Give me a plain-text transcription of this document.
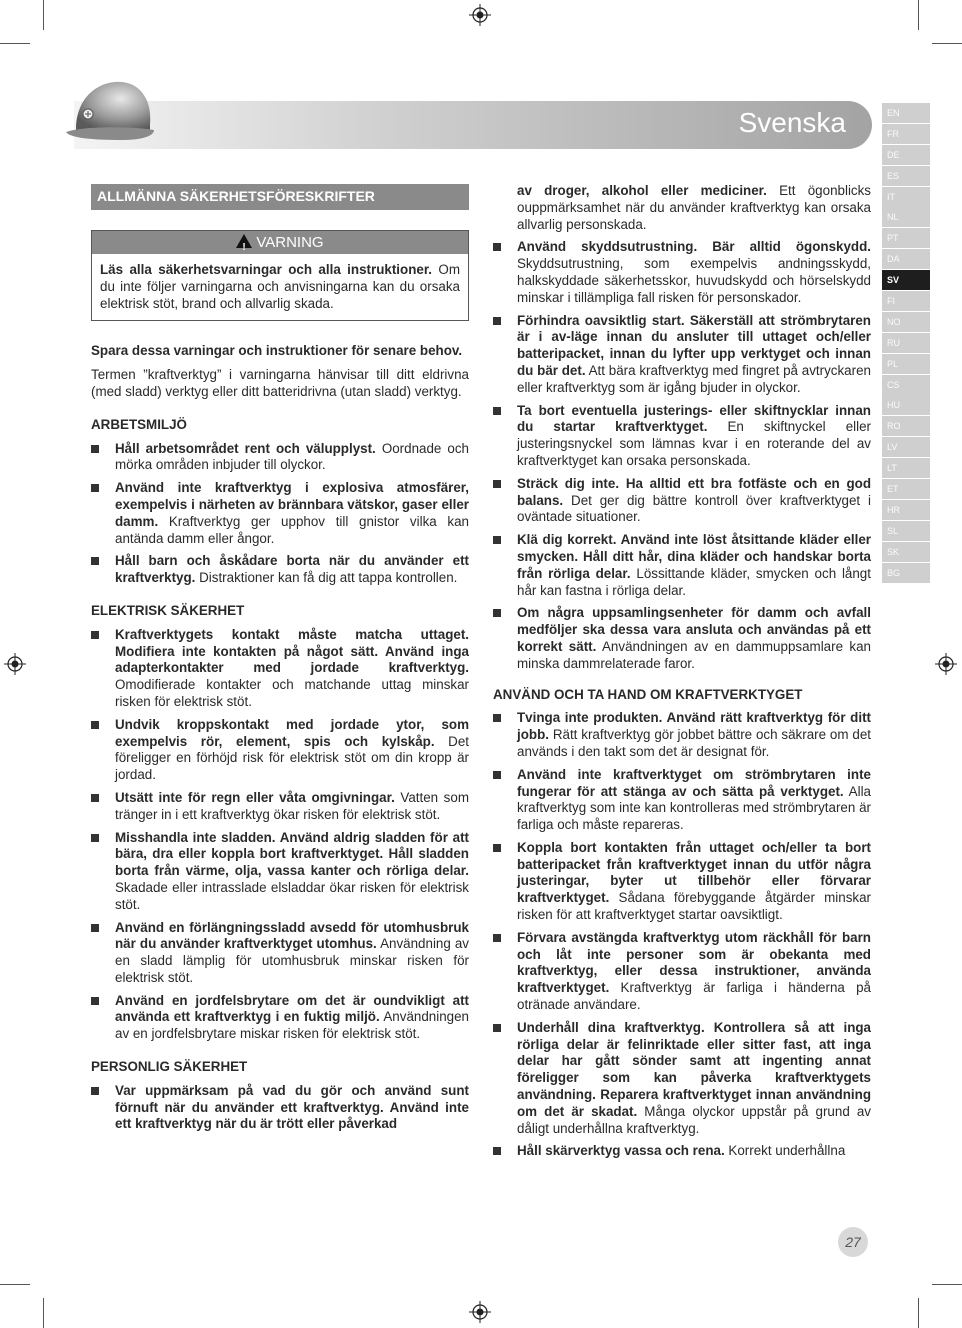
Svenska	EN
FR
DE
ES
IT
NL
PT
DA
SV
FI
NO
RU
PL
CS
HU
RO
LV
LT
ET
HR
SL
SK
BG
ALLMÄNNA SÄKERHETSFÖRESKRIFTER
!VARNING
Läs alla säkerhetsvarningar och alla instruktioner. Om du inte följer varningarna och anvisningarna kan du orsaka elektrisk stöt, brand och allvarlig skada.

Spara dessa varningar och instruktioner för senare behov.

Termen ”kraftverktyg” i varningarna hänvisar till ditt eldrivna (med sladd) verktyg eller ditt batteridrivna (utan sladd) verktyg.

ARBETSMILJÖ
Håll arbetsområdet rent och välupplyst. Oordnade och mörka områden inbjuder till olyckor.
Använd inte kraftverktyg i explosiva atmosfärer, exempelvis i närheten av brännbara vätskor, gaser eller damm. Kraftverktyg ger upphov till gnistor vilka kan antända damm eller ångor.
Håll barn och åskådare borta när du använder ett kraftverktyg. Distraktioner kan få dig att tappa kontrollen.
ELEKTRISK SÄKERHET
Kraftverktygets kontakt måste matcha uttaget. Modifiera inte kontakten på något sätt. Använd inga adapterkontakter med jordade kraftverktyg. Omodifierade kontakter och matchande uttag minskar risken för elektrisk stöt.
Undvik kroppskontakt med jordade ytor, som exempelvis rör, element, spis och kylskåp. Det föreligger en förhöjd risk för elektrisk stöt om din kropp är jordad.
Utsätt inte för regn eller våta omgivningar. Vatten som tränger in i ett kraftverktyg ökar risken för elektrisk stöt.
Misshandla inte sladden. Använd aldrig sladden för att bära, dra eller koppla bort kraftverktyget. Håll sladden borta från värme, olja, vassa kanter och rörliga delar. Skadade eller intrasslade elsladdar ökar risken för elektrisk stöt.
Använd en förlängningssladd avsedd för utomhusbruk när du använder kraftverktyget utomhus. Användning av en sladd lämplig för utomhusbruk minskar risken för elektrisk stöt.
Använd en jordfelsbrytare om det är oundvikligt att använda ett kraftverktyg i en fuktig miljö. Användningen av en jordfelsbrytare miskar risken för elektrisk stöt.
PERSONLIG SÄKERHET
Var uppmärksam på vad du gör och använd sunt förnuft när du använder ett kraftverktyg. Använd inte ett kraftverktyg när du är trött eller påverkad
av droger, alkohol eller mediciner. Ett ögonblicks ouppmärksamhet när du använder kraftverktyg kan orsaka allvarlig personskada.
Använd skyddsutrustning. Bär alltid ögonskydd. Skyddsutrustning, som exempelvis andningsskydd, halkskyddade säkerhetsskor, huvudskydd och hörselskydd minskar i tillämpliga fall risken för personskador.
Förhindra oavsiktlig start. Säkerställ att strömbrytaren är i av-läge innan du ansluter till uttaget och/eller batteripacket, innan du lyfter upp verktyget och innan du bär det. Att bära kraftverktyg med fingret på avtryckaren eller kraftverktyg som är igång bjuder in olyckor.
Ta bort eventuella justerings- eller skiftnycklar innan du startar kraftverktyget. En skiftnyckel eller justeringsnyckel som lämnas kvar i en roterande del av kraftverktyget kan orsaka personskada.
Sträck dig inte. Ha alltid ett bra fotfäste och en god balans. Det ger dig bättre kontroll över kraftverktyget i oväntade situationer.
Klä dig korrekt. Använd inte löst åtsittande kläder eller smycken. Håll ditt hår, dina kläder och handskar borta från rörliga delar. Lössittande kläder, smycken och långt hår kan fastna i rörliga delar.
Om några uppsamlingsenheter för damm och avfall medföljer ska dessa vara ansluta och användas på ett korrekt sätt. Användningen av en dammuppsamlare kan minska dammrelaterade faror.
ANVÄND OCH TA HAND OM KRAFTVERKTYGET
Tvinga inte produkten. Använd rätt kraftverktyg för ditt jobb. Rätt kraftverktyg gör jobbet bättre och säkrare om det används i den takt som det är designat för.
Använd inte kraftverktyget om strömbrytaren inte fungerar för att stänga av och sätta på verktyget. Alla kraftverktyg som inte kan kontrolleras med strömbrytaren är farliga och måste repareras.
Koppla bort kontakten från uttaget och/eller ta bort batteripacket från kraftverktyget innan du utför några justeringar, byter ut tillbehör eller förvarar kraftverktyget. Sådana förebyggande åtgärder minskar risken för att kraftverktyget startar oavsiktligt.
Förvara avstängda kraftverktyg utom räckhåll för barn och låt inte personer som är obekanta med kraftverktyg, eller dessa instruktioner, använda kraftverktyget. Kraftverktyg är farliga i händerna på otränade användare.
Underhåll dina kraftverktyg. Kontrollera så att inga rörliga delar är felinriktade eller sitter fast, att inga delar har gått sönder samt att ingenting annat föreligger som kan påverka kraftverktygets användning. Reparera kraftverktyget innan användning om det är skadat. Många olyckor uppstår på grund av dåligt underhållna kraftverktyg.
Håll skärverktyg vassa och rena. Korrekt underhållna
27
